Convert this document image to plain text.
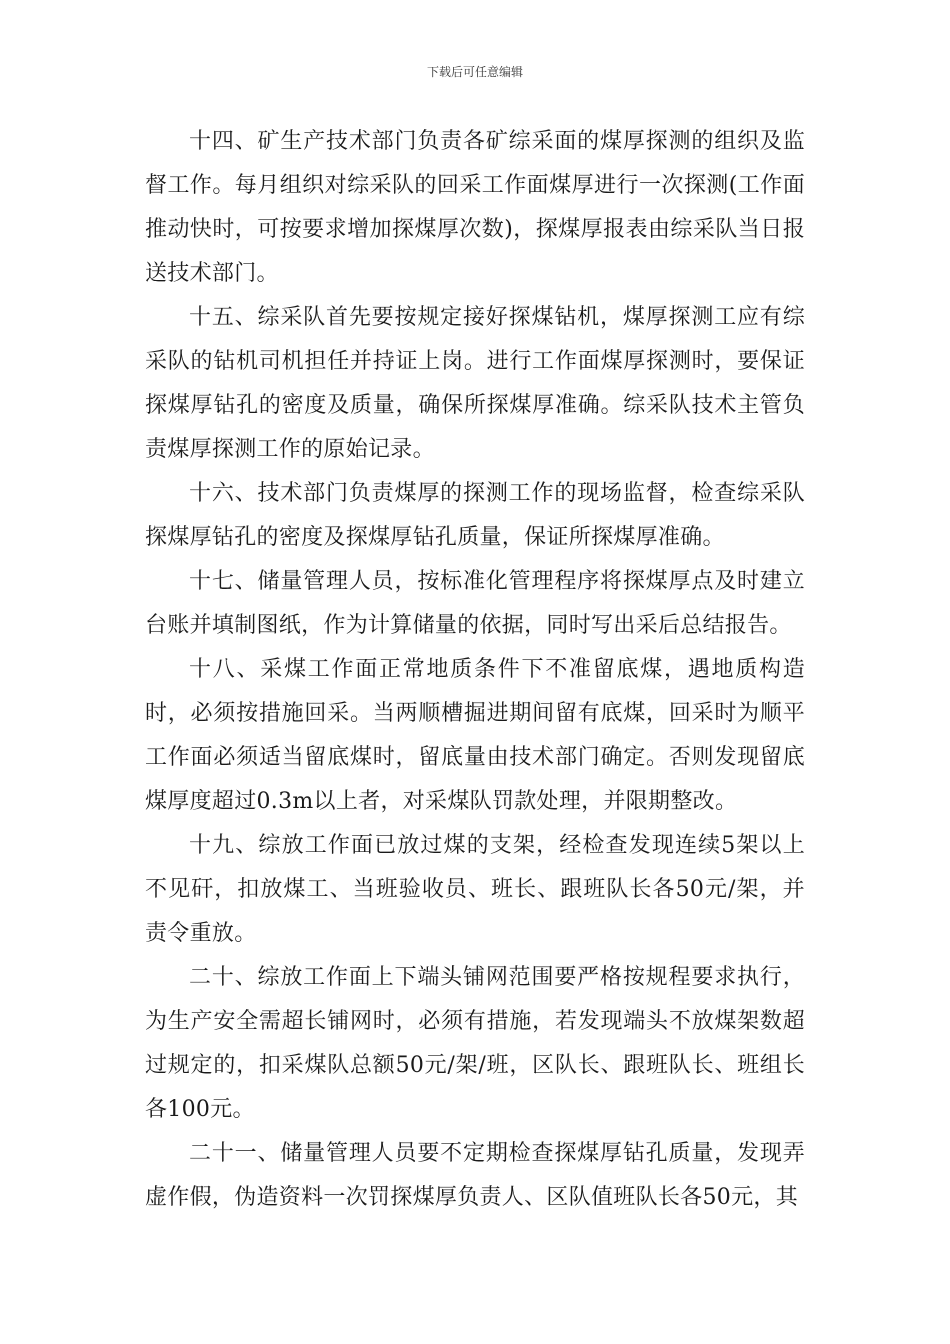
下载后可任意编辑

十四、矿生产技术部门负责各矿综采面的煤厚探测的组织及监督工作。每月组织对综采队的回采工作面煤厚进行一次探测(工作面推动快时，可按要求增加探煤厚次数)，探煤厚报表由综采队当日报送技术部门。

十五、综采队首先要按规定接好探煤钻机，煤厚探测工应有综采队的钻机司机担任并持证上岗。进行工作面煤厚探测时，要保证探煤厚钻孔的密度及质量，确保所探煤厚准确。综采队技术主管负责煤厚探测工作的原始记录。

十六、技术部门负责煤厚的探测工作的现场监督，检查综采队探煤厚钻孔的密度及探煤厚钻孔质量，保证所探煤厚准确。

十七、储量管理人员，按标准化管理程序将探煤厚点及时建立台账并填制图纸，作为计算储量的依据，同时写出采后总结报告。

十八、采煤工作面正常地质条件下不准留底煤，遇地质构造时，必须按措施回采。当两顺槽掘进期间留有底煤，回采时为顺平工作面必须适当留底煤时，留底量由技术部门确定。否则发现留底煤厚度超过0.3m以上者，对采煤队罚款处理，并限期整改。

十九、综放工作面已放过煤的支架，经检查发现连续5架以上不见矸，扣放煤工、当班验收员、班长、跟班队长各50元/架，并责令重放。

二十、综放工作面上下端头铺网范围要严格按规程要求执行，为生产安全需超长铺网时，必须有措施，若发现端头不放煤架数超过规定的，扣采煤队总额50元/架/班，区队长、跟班队长、班组长各100元。

二十一、储量管理人员要不定期检查探煤厚钻孔质量，发现弄虚作假，伪造资料一次罚探煤厚负责人、区队值班队长各50元，其
